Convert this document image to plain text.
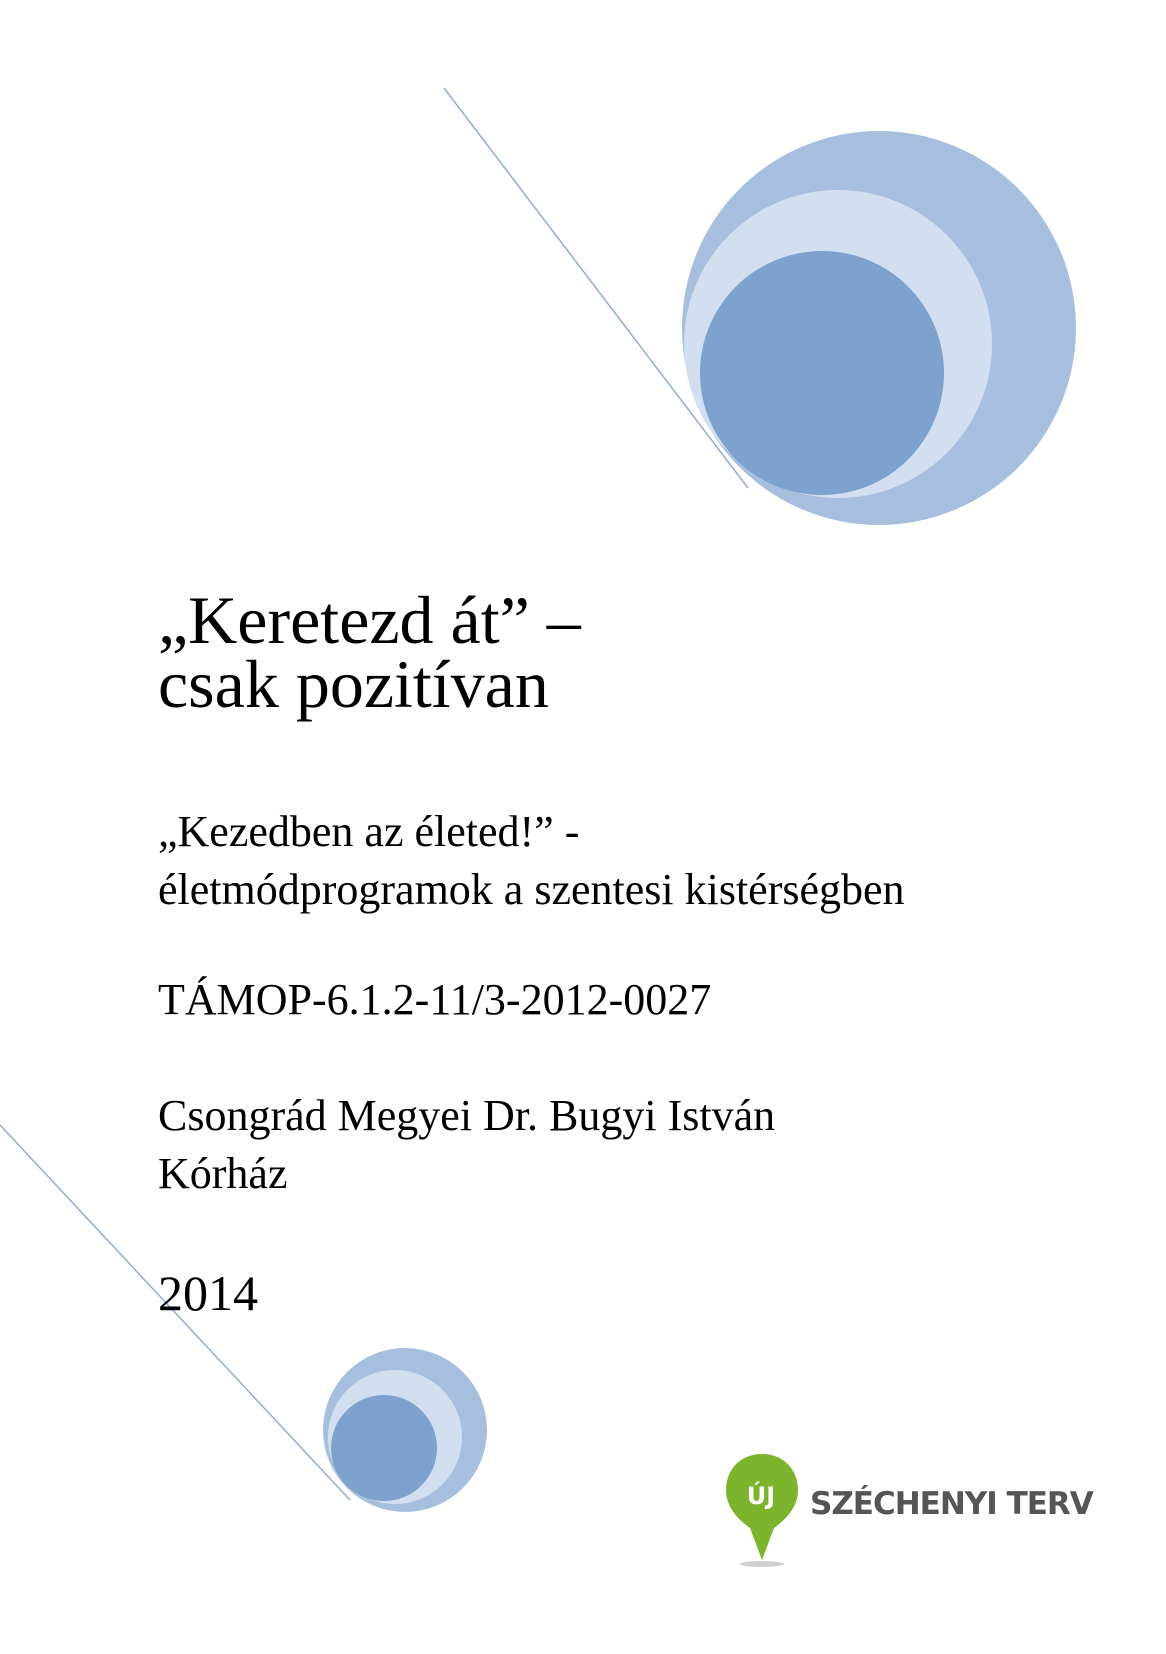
„Keretezd át” –
csak pozitívan
„Kezedben az életed!” -
életmódprogramok a szentesi kistérségben
TÁMOP-6.1.2-11/3-2012-0027
Csongrád Megyei Dr. Bugyi István
Kórház
2014
ÚJ	SZÉCHENYI TERV
